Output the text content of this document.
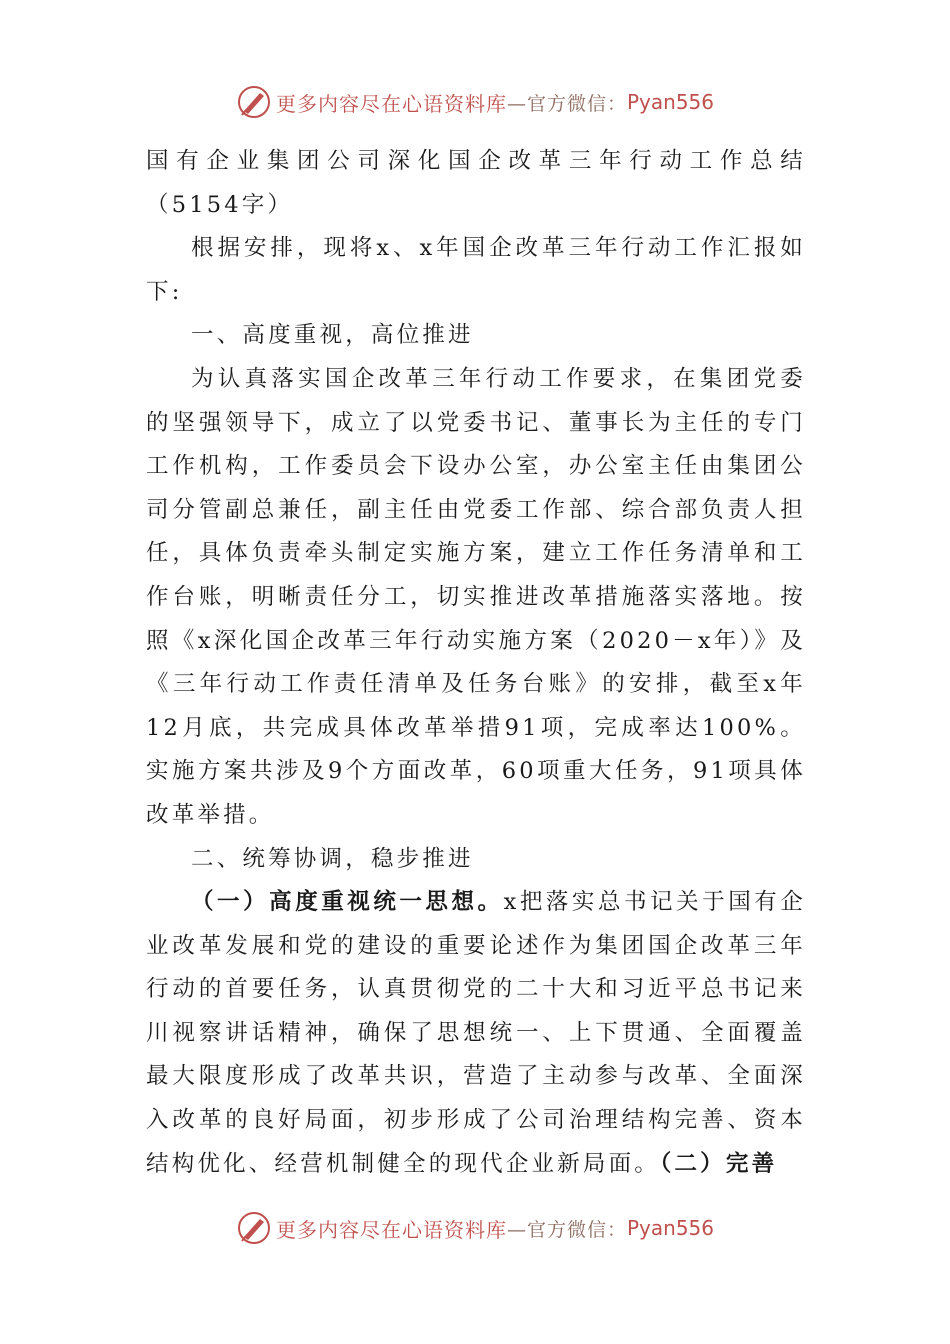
更多内容尽在心语资料库 —官方微信： Pyan556

国有企业集团公司深化国企改革三年行动工作总结（5154字）

根据安排，现将x、x年国企改革三年行动工作汇报如下:

一、高度重视，高位推进

为认真落实国企改革三年行动工作要求，在集团党委的坚强领导下，成立了以党委书记、董事长为主任的专门工作机构，工作委员会下设办公室，办公室主任由集团公司分管副总兼任，副主任由党委工作部、综合部负责人担任，具体负责牵头制定实施方案，建立工作任务清单和工作台账，明晰责任分工，切实推进改革措施落实落地。按照《x深化国企改革三年行动实施方案（2020－x年）》及《三年行动工作责任清单及任务台账》的安排，截至x年12月底，共完成具体改革举措91项，完成率达100%。实施方案共涉及9个方面改革，60项重大任务，91项具体改革举措。

二、统筹协调，稳步推进

（一）高度重视统一思想。x把落实总书记关于国有企业改革发展和党的建设的重要论述作为集团国企改革三年行动的首要任务，认真贯彻党的二十大和习近平总书记来川视察讲话精神，确保了思想统一、上下贯通、全面覆盖最大限度形成了改革共识，营造了主动参与改革、全面深入改革的良好局面，初步形成了公司治理结构完善、资本结构优化、经营机制健全的现代企业新局面。（二）完善

更多内容尽在心语资料库 —官方微信： Pyan556
